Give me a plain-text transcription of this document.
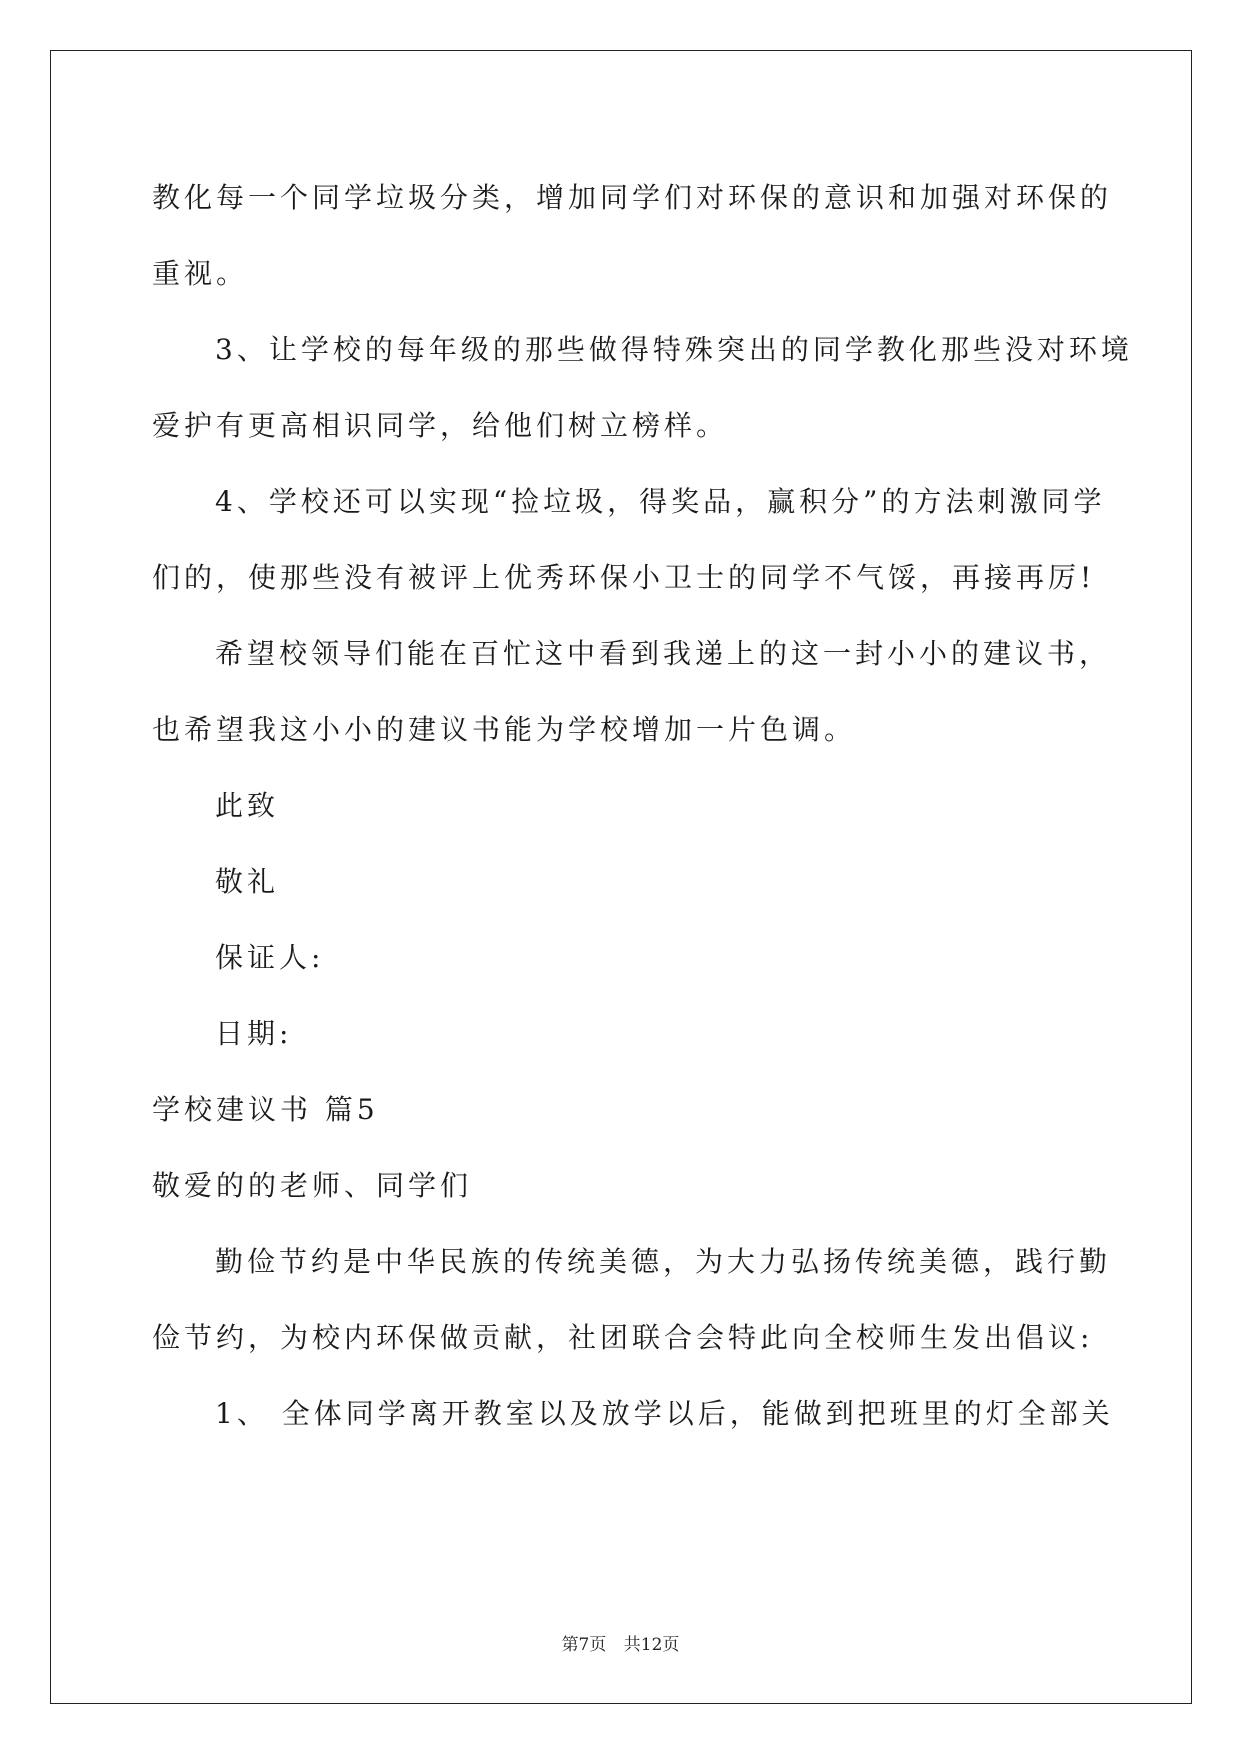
教化每一个同学垃圾分类，增加同学们对环保的意识和加强对环保的
重视。
3、让学校的每年级的那些做得特殊突出的同学教化那些没对环境
爱护有更高相识同学，给他们树立榜样。
4、学校还可以实现“捡垃圾，得奖品，赢积分”的方法刺激同学
们的，使那些没有被评上优秀环保小卫士的同学不气馁，再接再厉!
希望校领导们能在百忙这中看到我递上的这一封小小的建议书，
也希望我这小小的建议书能为学校增加一片色调。
此致
敬礼
保证人:
日期:
学校建议书 篇5
敬爱的的老师、同学们
勤俭节约是中华民族的传统美德，为大力弘扬传统美德，践行勤
俭节约，为校内环保做贡献，社团联合会特此向全校师生发出倡议:
1、 全体同学离开教室以及放学以后，能做到把班里的灯全部关
第7页 共12页
